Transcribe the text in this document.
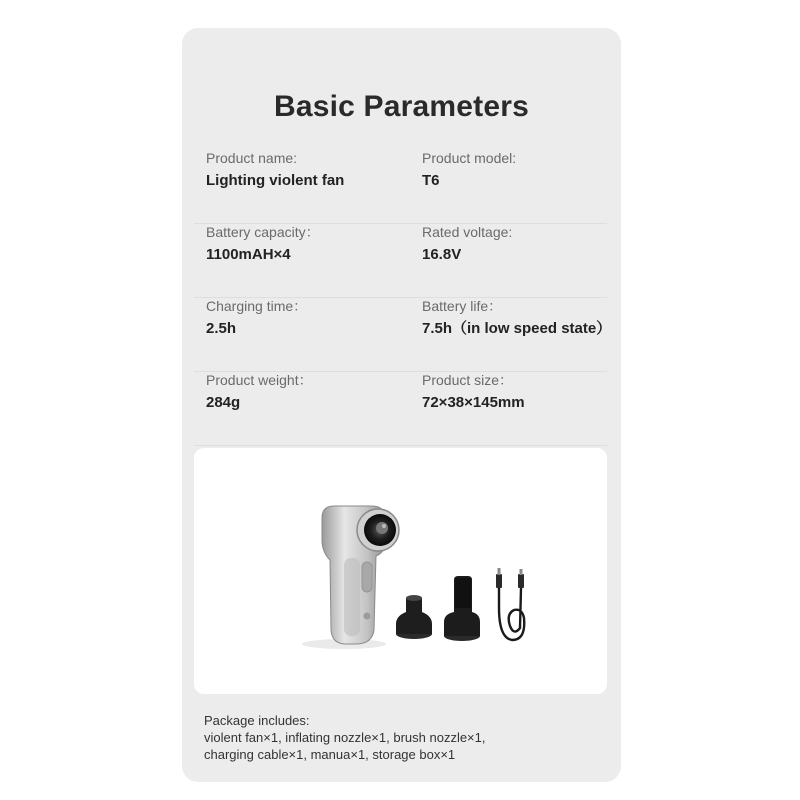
Basic Parameters
Product name:
Lighting violent fan
Product model:
T6
Battery capacity：
1100mAH×4
Rated voltage:
16.8V
Charging time：
2.5h
Battery life：
7.5h（in low speed state）
Product weight：
284g
Product size：
72×38×145mm
Package includes:
violent fan×1, inflating nozzle×1, brush nozzle×1,
charging cable×1, manua×1, storage box×1
